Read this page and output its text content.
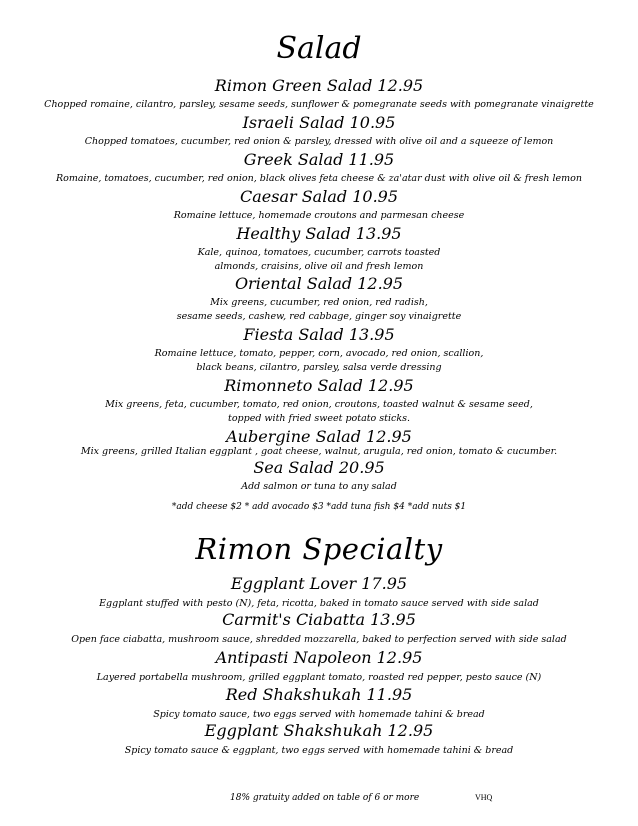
Salad
Rimon Green Salad 12.95
Chopped romaine, cilantro, parsley, sesame seeds, sunflower & pomegranate seeds with pomegranate vinaigrette
Israeli Salad 10.95
Chopped tomatoes, cucumber, red onion & parsley, dressed with olive oil and a squeeze of lemon
Greek Salad 11.95
Romaine, tomatoes, cucumber, red onion, black olives feta cheese & za'atar dust with olive oil & fresh lemon
Caesar Salad 10.95
Romaine lettuce, homemade croutons and parmesan cheese
Healthy Salad 13.95
Kale, quinoa, tomatoes, cucumber, carrots toasted
almonds, craisins, olive oil and fresh lemon
Oriental Salad 12.95
Mix greens, cucumber, red onion, red radish,
sesame seeds, cashew, red cabbage, ginger soy vinaigrette
Fiesta Salad 13.95
Romaine lettuce, tomato, pepper, corn, avocado, red onion, scallion,
black beans, cilantro, parsley, salsa verde dressing
Rimonneto Salad 12.95
Mix greens, feta, cucumber, tomato, red onion, croutons, toasted walnut & sesame seed,
topped with fried sweet potato sticks.
Aubergine Salad 12.95
Mix greens, grilled Italian eggplant , goat cheese, walnut, arugula, red onion, tomato & cucumber.
Sea Salad 20.95
Add salmon or tuna to any salad
*add cheese $2 * add avocado $3 *add tuna fish $4 *add nuts $1
Rimon Specialty
Eggplant Lover 17.95
Eggplant stuffed with pesto (N), feta, ricotta, baked in tomato sauce served with side salad
Carmit's Ciabatta 13.95
Open face ciabatta, mushroom sauce, shredded mozzarella, baked to perfection served with side salad
Antipasti Napoleon 12.95
Layered portabella mushroom, grilled eggplant tomato, roasted red pepper, pesto sauce (N)
Red Shakshukah 11.95
Spicy tomato sauce, two eggs served with homemade tahini & bread
Eggplant Shakshukah 12.95
Spicy tomato sauce & eggplant, two eggs served with homemade tahini & bread
18% gratuity added on table of 6 or more	VHQ
